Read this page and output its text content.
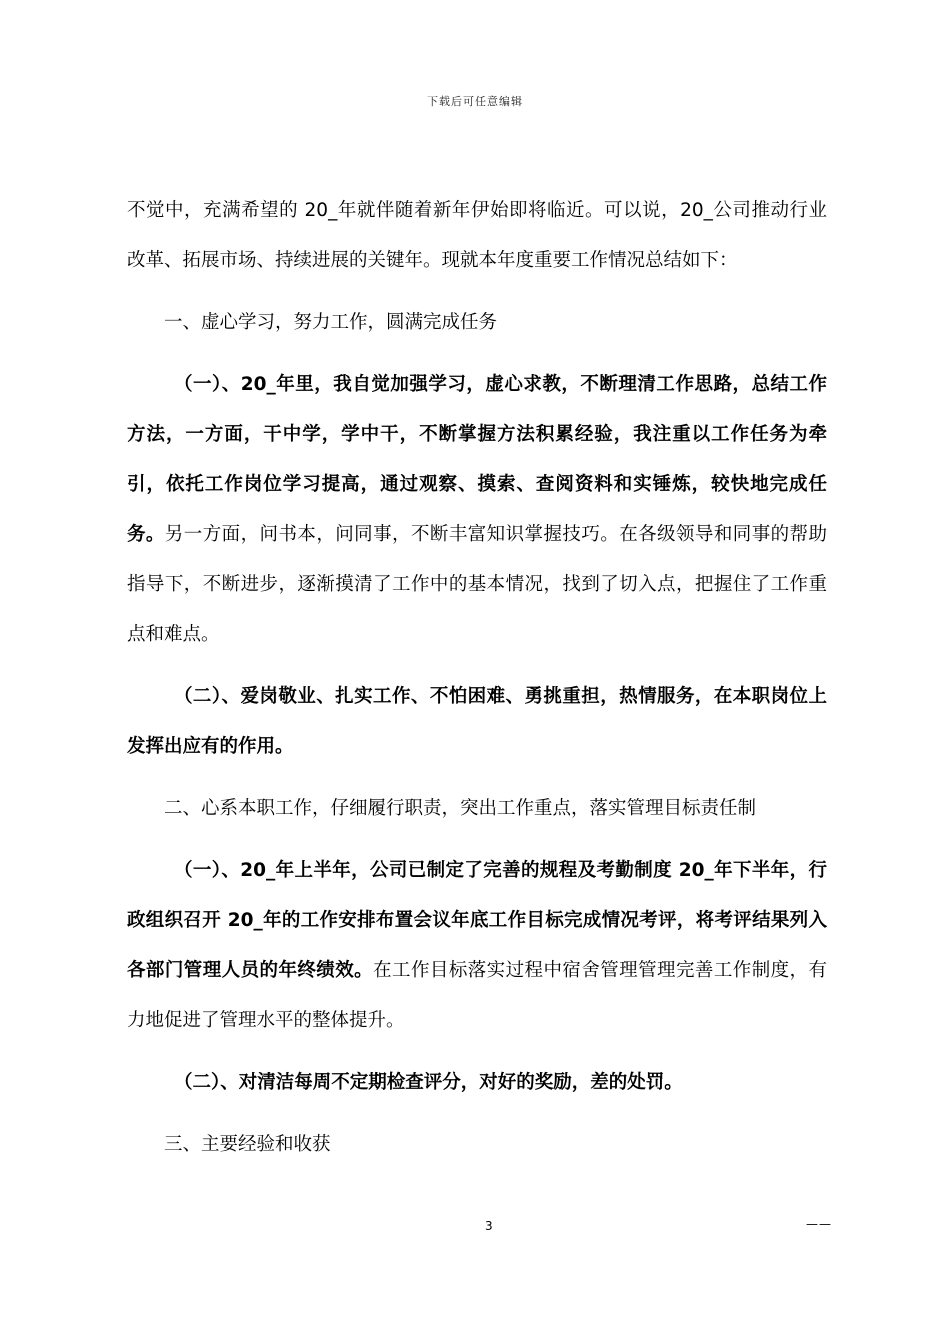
下载后可任意编辑

不觉中，充满希望的 20_年就伴随着新年伊始即将临近。可以说，20_公司推动行业改革、拓展市场、持续进展的关键年。现就本年度重要工作情况总结如下：

一、虚心学习，努力工作，圆满完成任务

（一）、20_年里，我自觉加强学习，虚心求教，不断理清工作思路，总结工作方法，一方面，干中学，学中干，不断掌握方法积累经验，我注重以工作任务为牵引，依托工作岗位学习提高，通过观察、摸索、查阅资料和实锤炼，较快地完成任务。另一方面，问书本，问同事，不断丰富知识掌握技巧。在各级领导和同事的帮助指导下，不断进步，逐渐摸清了工作中的基本情况，找到了切入点，把握住了工作重点和难点。

（二）、爱岗敬业、扎实工作、不怕困难、勇挑重担，热情服务，在本职岗位上发挥出应有的作用。

二、心系本职工作，仔细履行职责，突出工作重点，落实管理目标责任制

（一）、20_年上半年，公司已制定了完善的规程及考勤制度 20_年下半年，行政组织召开 20_年的工作安排布置会议年底工作目标完成情况考评，将考评结果列入各部门管理人员的年终绩效。在工作目标落实过程中宿舍管理管理完善工作制度，有力地促进了管理水平的整体提升。

（二）、对清洁每周不定期检查评分，对好的奖励，差的处罚。

三、主要经验和收获

3	——
